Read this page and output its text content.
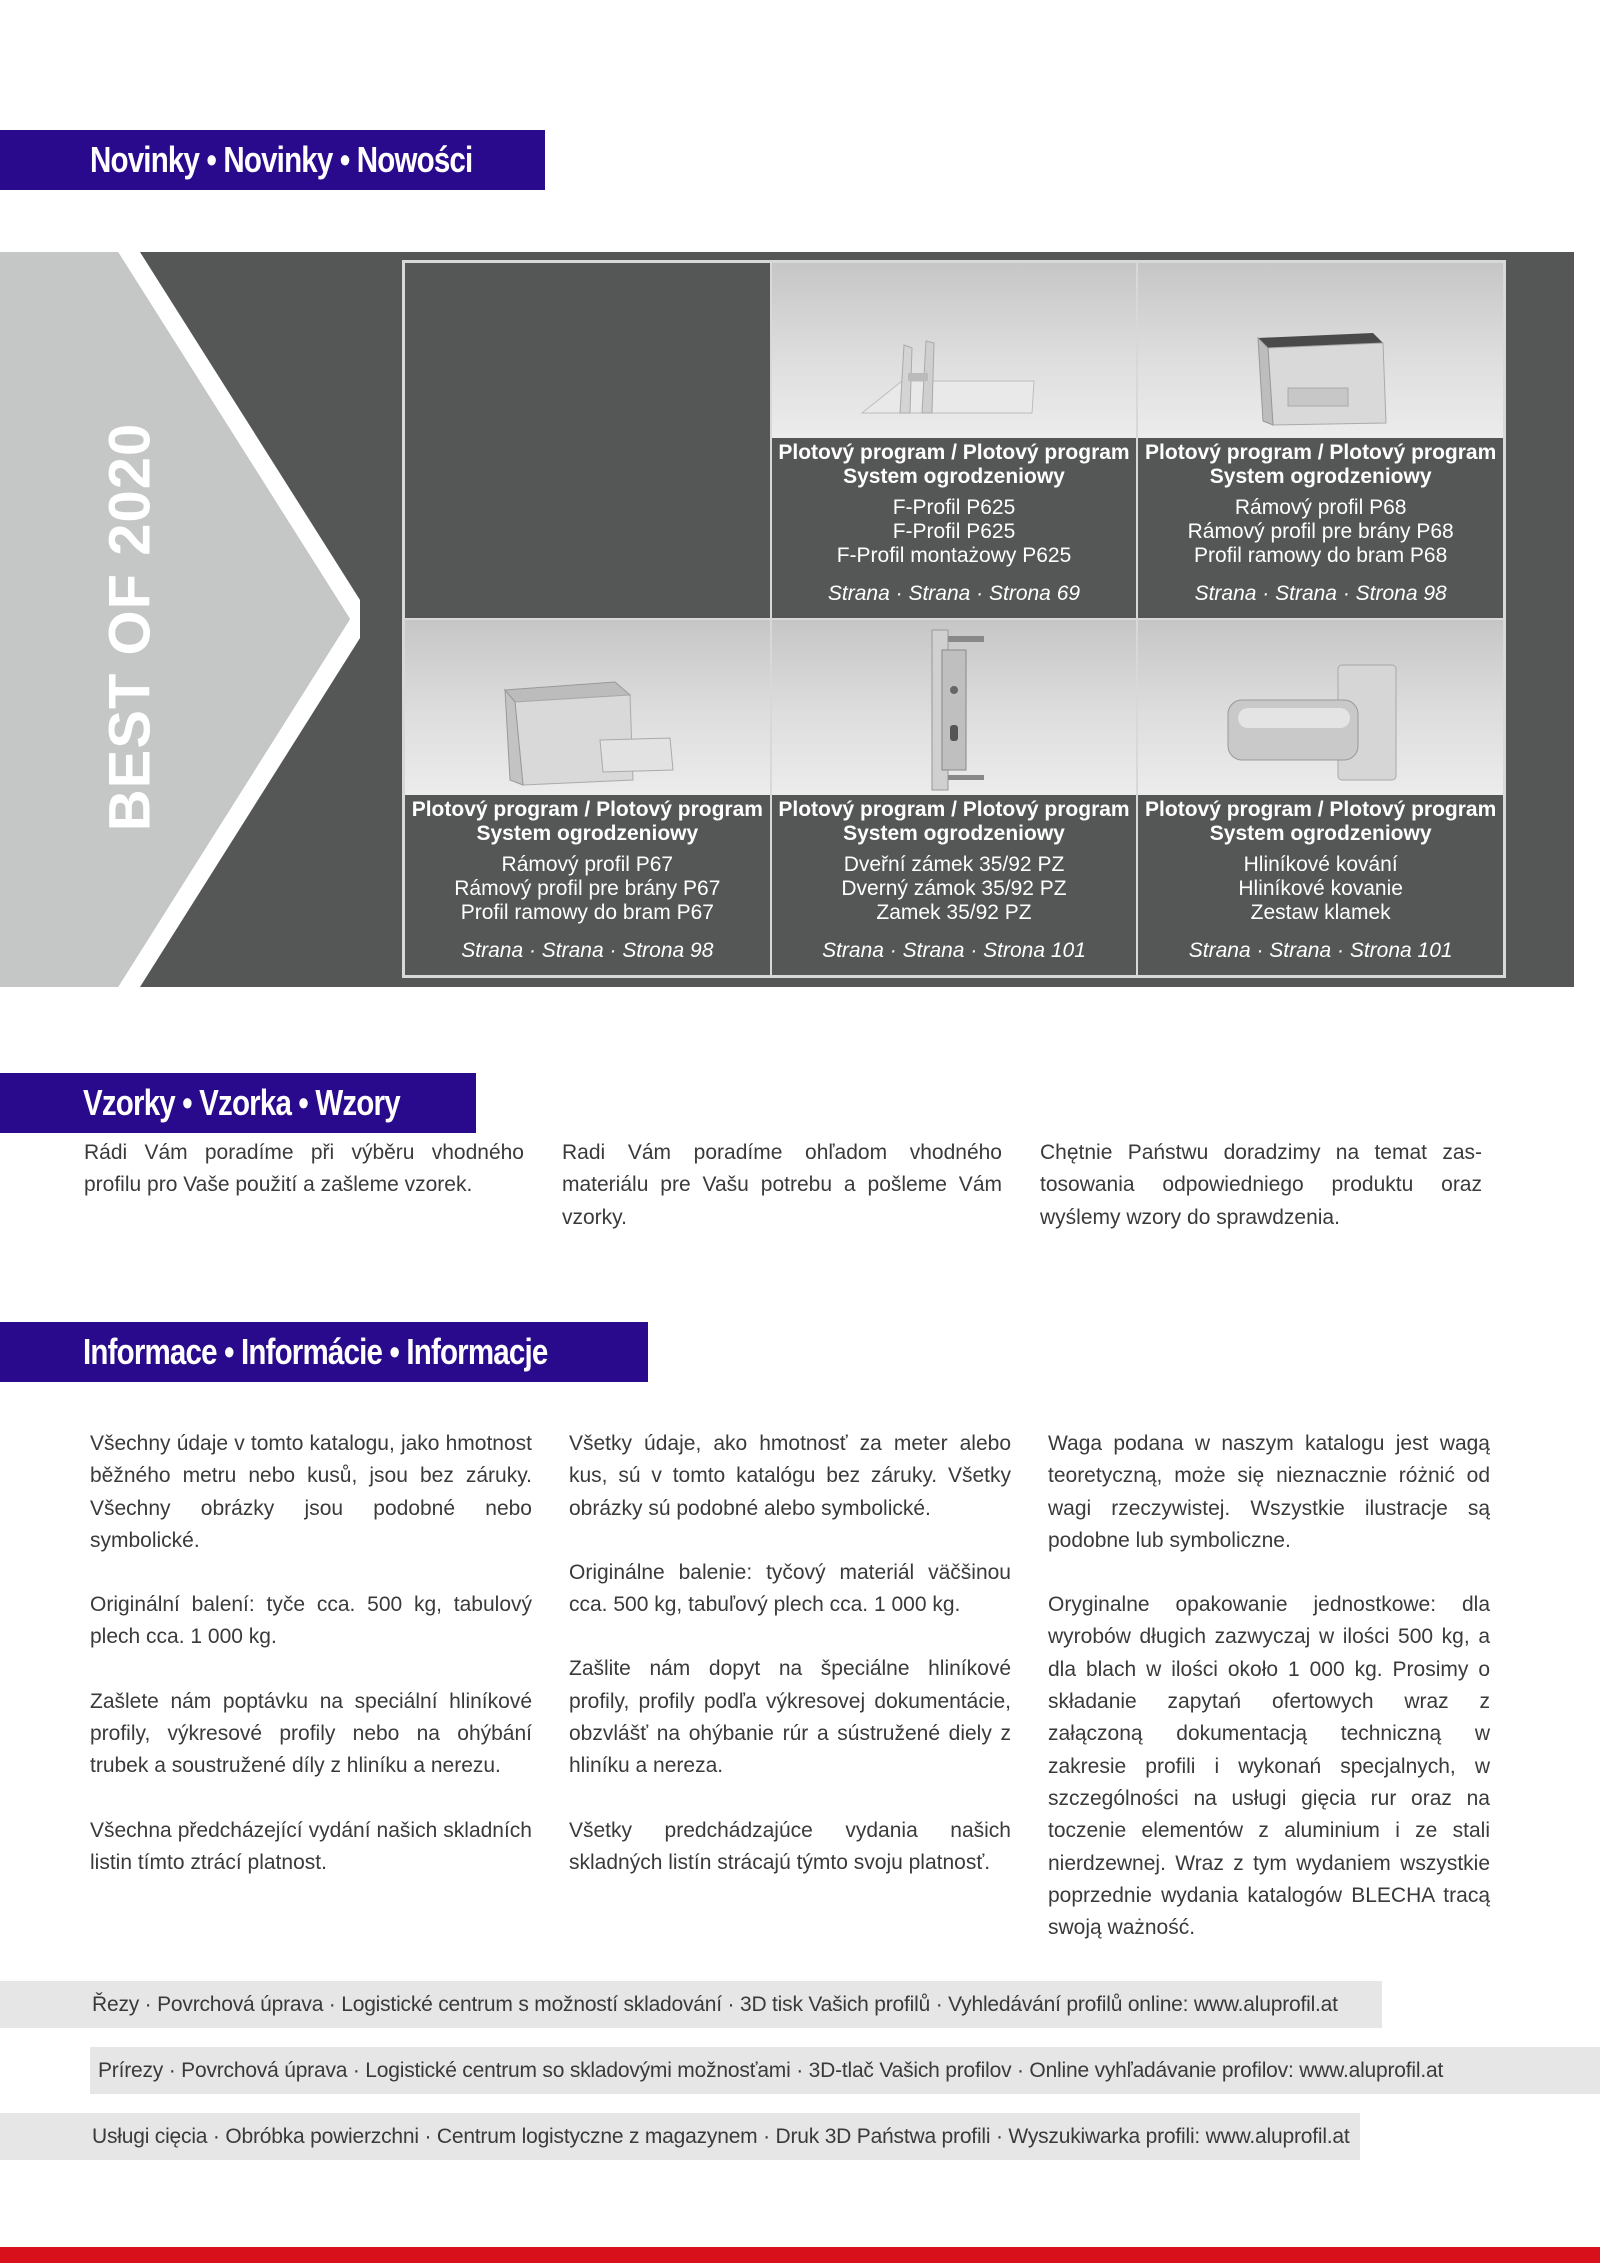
Novinky • Novinky • Nowości
BEST OF 2020	Plotový program / Plotový program
System ogrodzeniowy
F-Profil P625
F-Profil P625
F-Profil montażowy P625
Strana · Strana · Strona 69
Plotový program / Plotový program
System ogrodzeniowy
Rámový profil P68
Rámový profil pre brány P68
Profil ramowy do bram P68
Strana · Strana · Strona 98
Plotový program / Plotový program
System ogrodzeniowy
Rámový profil P67
Rámový profil pre brány P67
Profil ramowy do bram P67
Strana · Strana · Strona 98
Plotový program / Plotový program
System ogrodzeniowy
Dveřní zámek 35/92 PZ
Dverný zámok 35/92 PZ
Zamek 35/92 PZ
Strana · Strana · Strona 101
Plotový program / Plotový program
System ogrodzeniowy
Hliníkové kování
Hliníkové kovanie
Zestaw klamek
Strana · Strana · Strona 101
Vzorky • Vzorka • Wzory

Rádi Vám poradíme při výběru vhodného profilu pro Vaše použití a zašleme vzorek.

Radi Vám poradíme ohľadom vhodného materiálu pre Vašu potrebu a pošleme Vám vzorky.

Chętnie Państwu doradzimy na temat zas-tosowania odpowiedniego produktu oraz wyślemy wzory do sprawdzenia.

Informace • Informácie • Informacje

Všechny údaje v tomto katalogu, jako hmotnost běžného metru nebo kusů, jsou bez záruky. Všechny obrázky jsou podobné nebo symbolické.

Originální balení: tyče cca. 500 kg, tabulový plech cca. 1 000 kg.

Zašlete nám poptávku na speciální hliníkové profily, výkresové profily nebo na ohýbání trubek a soustružené díly z hliníku a nerezu.

Všechna předcházející vydání našich skladních listin tímto ztrácí platnost.

Všetky údaje, ako hmotnosť za meter alebo kus, sú v tomto katalógu bez záruky. Všetky obrázky sú podobné alebo symbolické.

Originálne balenie: tyčový materiál väčšinou cca. 500 kg, tabuľový plech cca. 1 000 kg.

Zašlite nám dopyt na špeciálne hliníkové profily, profily podľa výkresovej dokumentácie, obzvlášť na ohýbanie rúr a sústružené diely z hliníku a nereza.

Všetky predchádzajúce vydania našich skladných listín strácajú týmto svoju platnosť.

Waga podana w naszym katalogu jest wagą teoretyczną, może się nieznacznie różnić od wagi rzeczywistej. Wszystkie ilustracje są podobne lub symboliczne.

Oryginalne opakowanie jednostkowe: dla wyrobów długich zazwyczaj w ilości 500 kg, a dla blach w ilości około 1 000 kg. Prosimy o składanie zapytań ofertowych wraz z załączoną dokumentacją techniczną w zakresie profili i wykonań specjalnych, w szczególności na usługi gięcia rur oraz na toczenie elementów z aluminium i ze stali nierdzewnej. Wraz z tym wydaniem wszystkie poprzednie wydania katalogów BLECHA tracą swoją ważność.

Řezy · Povrchová úprava · Logistické centrum s možností skladování · 3D tisk Vašich profilů · Vyhledávání profilů online: www.aluprofil.at
Prírezy · Povrchová úprava · Logistické centrum so skladovými možnosťami · 3D-tlač Vašich profilov · Online vyhľadávanie profilov: www.aluprofil.at
Usługi cięcia · Obróbka powierzchni · Centrum logistyczne z magazynem · Druk 3D Państwa profili · Wyszukiwarka profili: www.aluprofil.at
